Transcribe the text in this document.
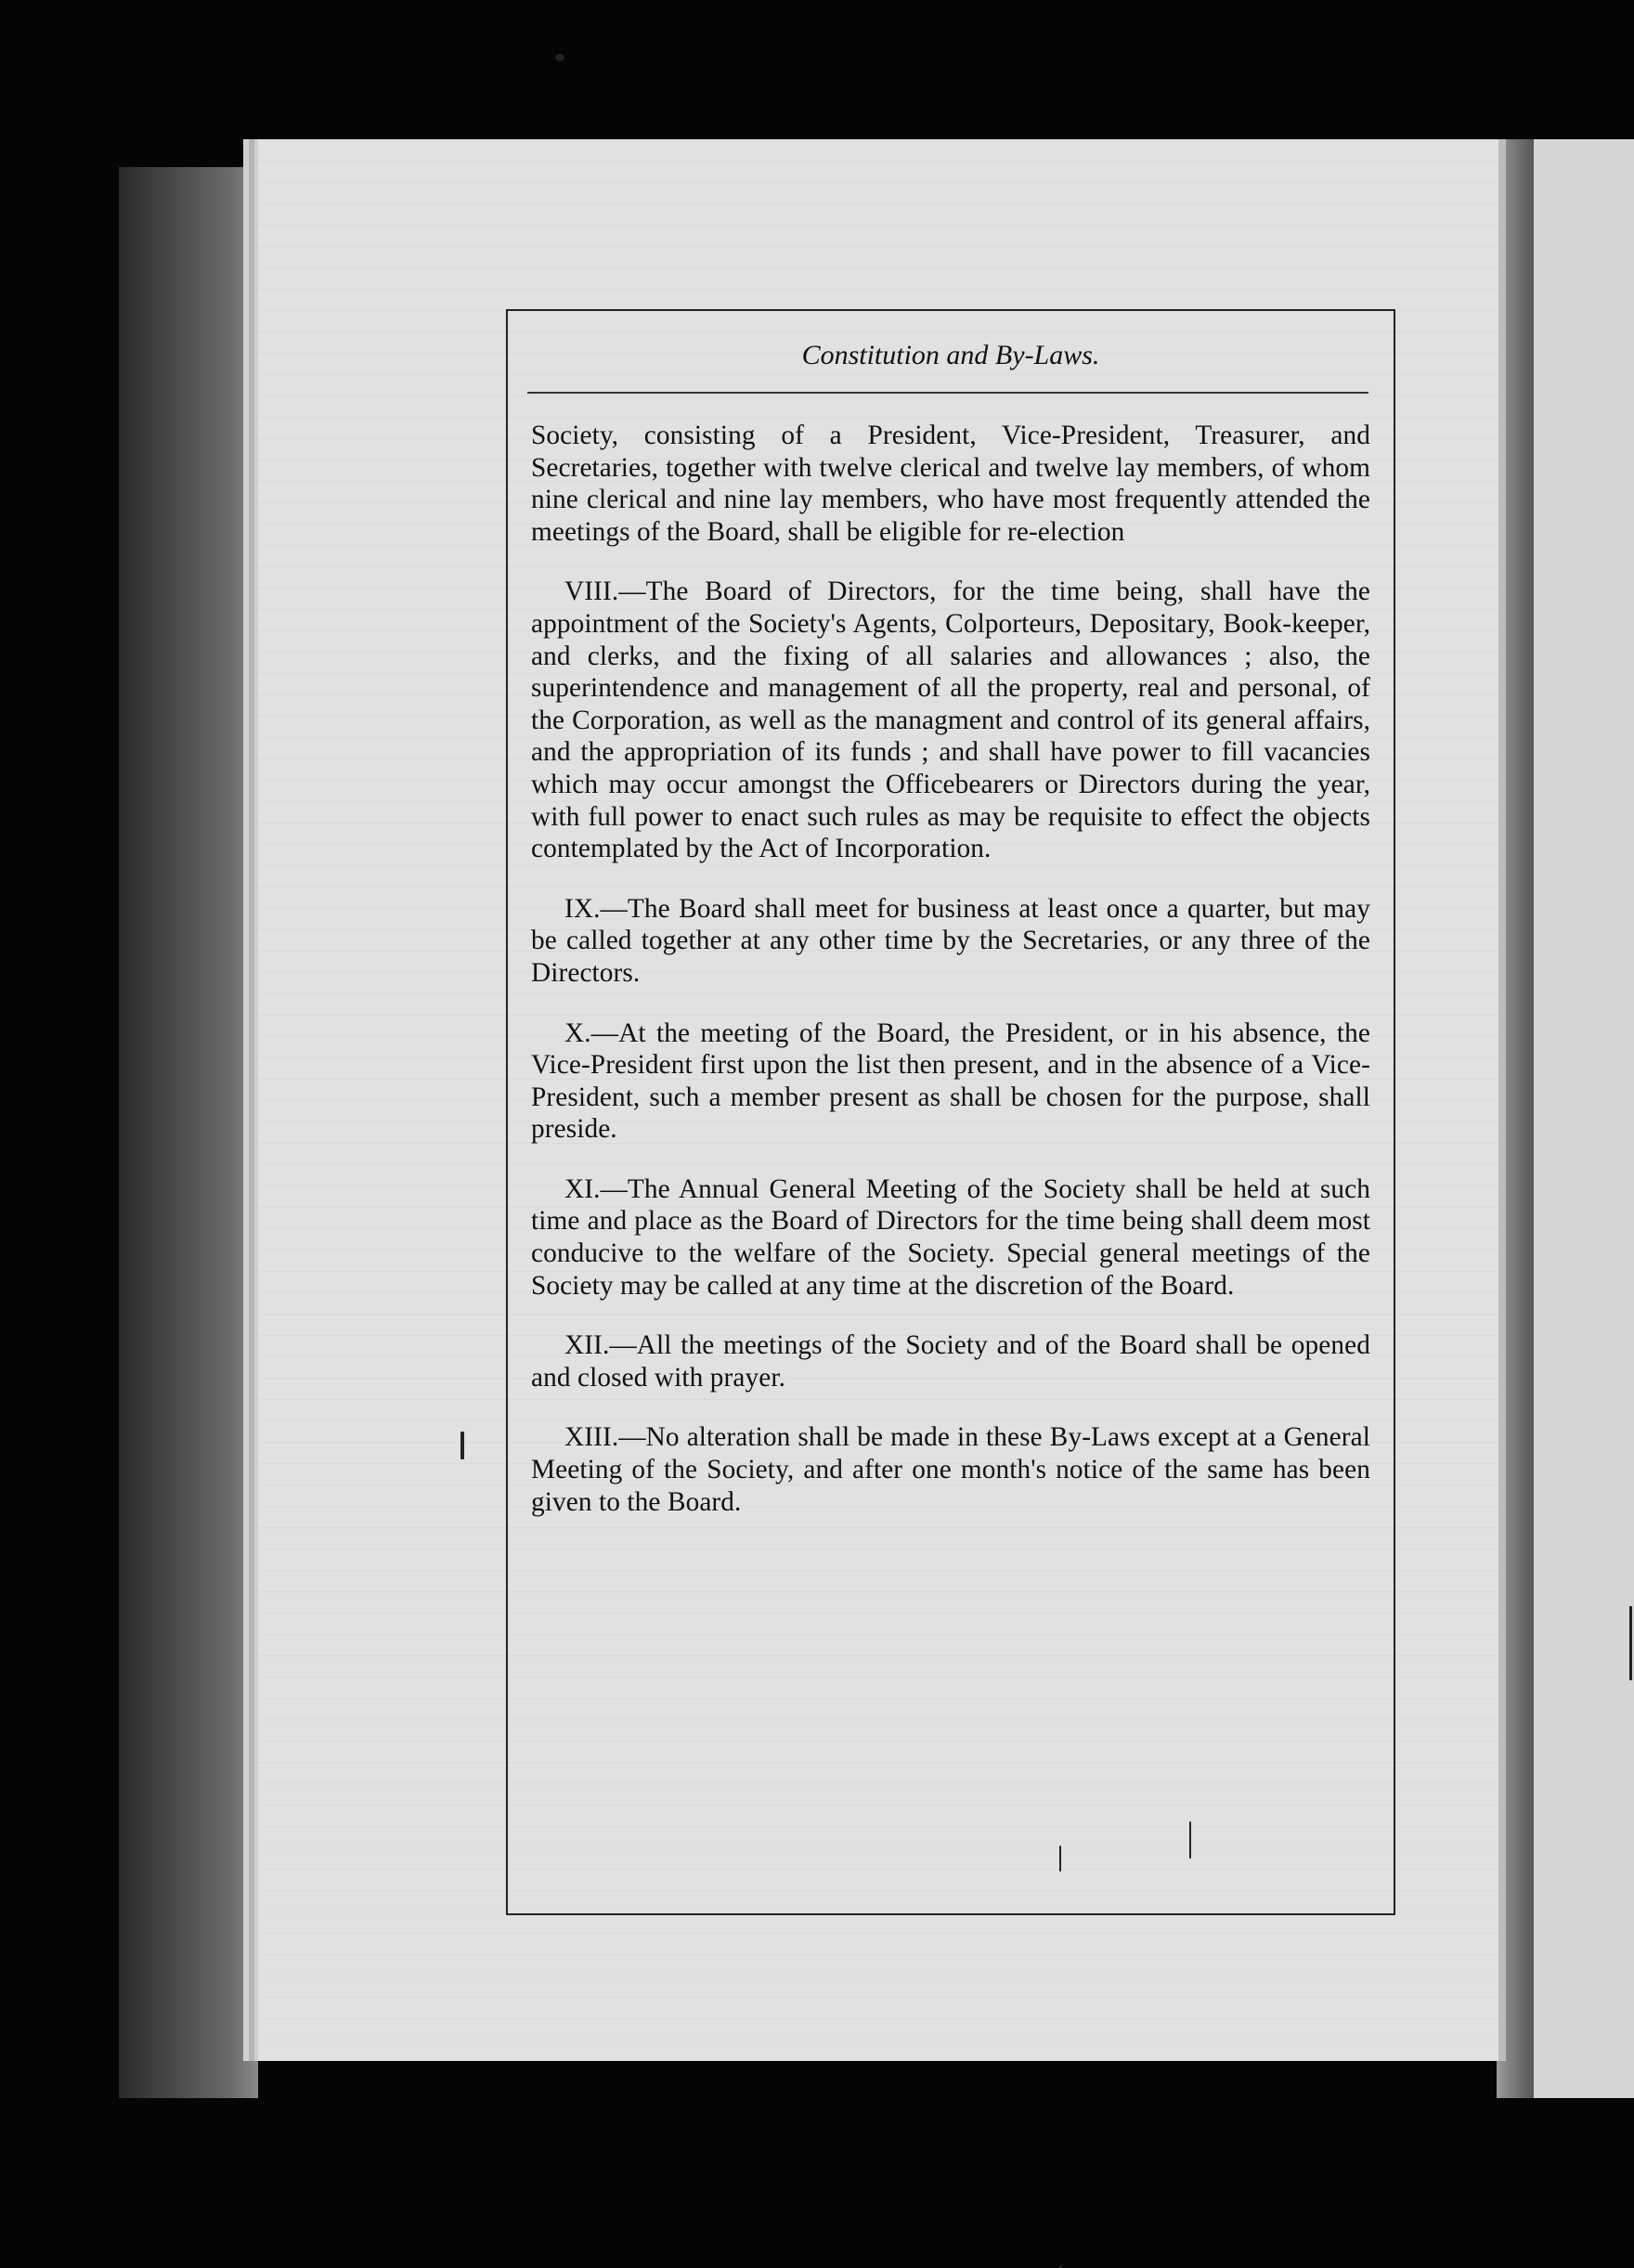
Constitution and By-Laws.

Society, consisting of a President, Vice-President, Treasurer, and Secretaries, together with twelve clerical and twelve lay members, of whom nine clerical and nine lay members, who have most frequently attended the meetings of the Board, shall be eligible for re-election

VIII.—The Board of Directors, for the time being, shall have the appointment of the Society's Agents, Colporteurs, Depositary, Book-keeper, and clerks, and the fixing of all salaries and allowances ; also, the superintendence and management of all the property, real and personal, of the Corporation, as well as the managment and control of its general affairs, and the appropriation of its funds ; and shall have power to fill vacancies which may occur amongst the Officebearers or Directors during the year, with full power to enact such rules as may be requisite to effect the objects contemplated by the Act of Incorporation.

IX.—The Board shall meet for business at least once a quarter, but may be called together at any other time by the Secretaries, or any three of the Directors.

X.—At the meeting of the Board, the President, or in his absence, the Vice-President first upon the list then present, and in the absence of a Vice-President, such a member present as shall be chosen for the purpose, shall preside.

XI.—The Annual General Meeting of the Society shall be held at such time and place as the Board of Directors for the time being shall deem most conducive to the welfare of the Society. Special general meetings of the Society may be called at any time at the discretion of the Board.

XII.—All the meetings of the Society and of the Board shall be opened and closed with prayer.

XIII.—No alteration shall be made in these By-Laws except at a General Meeting of the Society, and after one month's notice of the same has been given to the Board.
